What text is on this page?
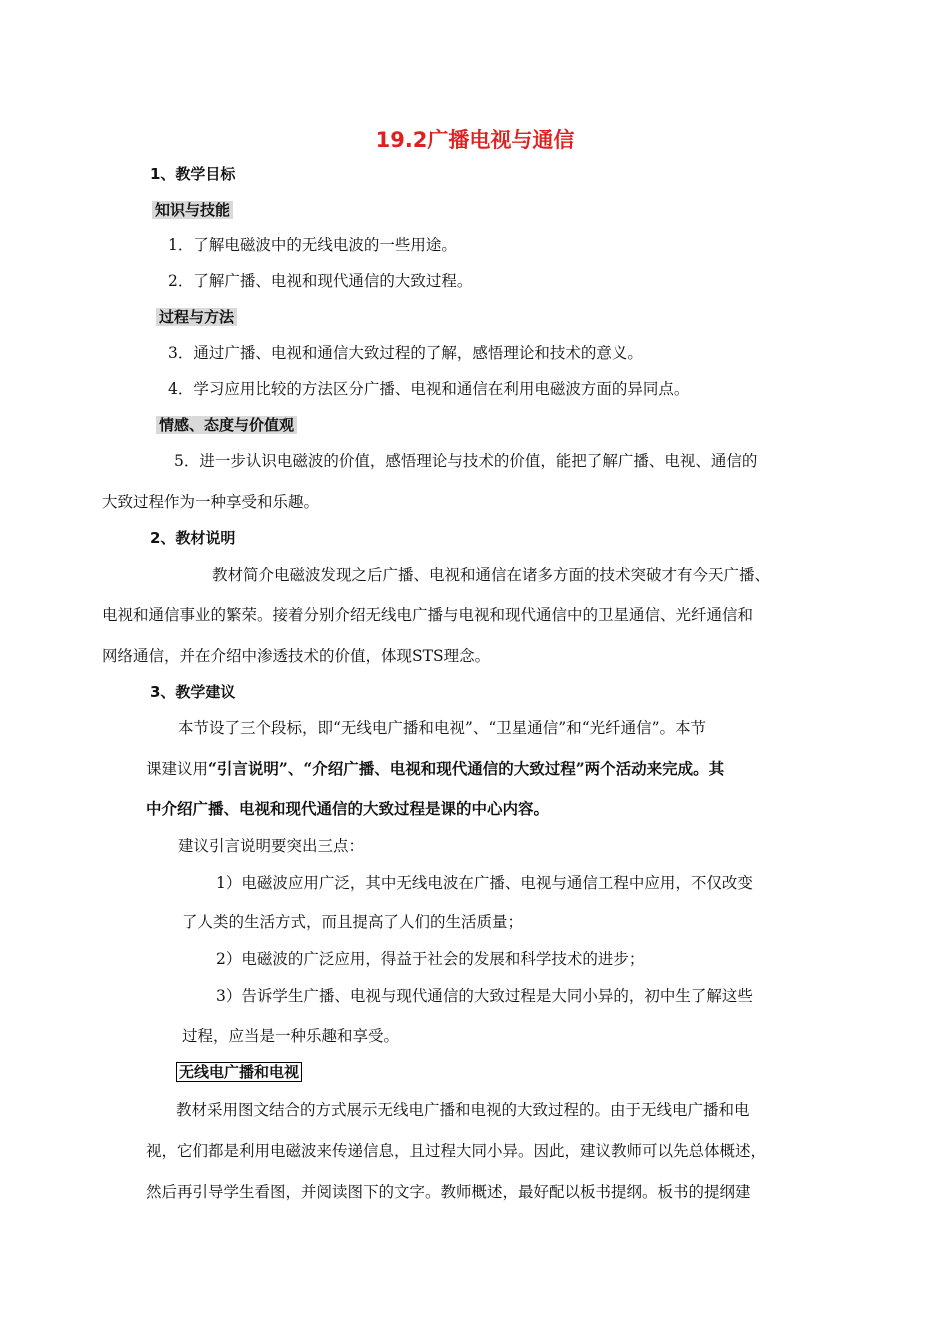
19.2广播电视与通信
1、教学目标
知识与技能
1．了解电磁波中的无线电波的一些用途。
2．了解广播、电视和现代通信的大致过程。
过程与方法
3．通过广播、电视和通信大致过程的了解，感悟理论和技术的意义。
4．学习应用比较的方法区分广播、电视和通信在利用电磁波方面的异同点。
情感、态度与价值观
5．进一步认识电磁波的价值，感悟理论与技术的价值，能把了解广播、电视、通信的
大致过程作为一种享受和乐趣。
2、教材说明
教材简介电磁波发现之后广播、电视和通信在诸多方面的技术突破才有今天广播、
电视和通信事业的繁荣。接着分别介绍无线电广播与电视和现代通信中的卫星通信、光纤通信和
网络通信，并在介绍中渗透技术的价值，体现STS理念。
3、教学建议
本节设了三个段标，即“无线电广播和电视”、“卫星通信”和“光纤通信”。本节
课建议用“引言说明”、“介绍广播、电视和现代通信的大致过程”两个活动来完成。其
中介绍广播、电视和现代通信的大致过程是课的中心内容。
建议引言说明要突出三点：
1）电磁波应用广泛，其中无线电波在广播、电视与通信工程中应用，不仅改变
了人类的生活方式，而且提高了人们的生活质量；
2）电磁波的广泛应用，得益于社会的发展和科学技术的进步；
3）告诉学生广播、电视与现代通信的大致过程是大同小异的，初中生了解这些
过程，应当是一种乐趣和享受。
无线电广播和电视
教材采用图文结合的方式展示无线电广播和电视的大致过程的。由于无线电广播和电
视，它们都是利用电磁波来传递信息，且过程大同小异。因此，建议教师可以先总体概述，
然后再引导学生看图，并阅读图下的文字。教师概述，最好配以板书提纲。板书的提纲建
